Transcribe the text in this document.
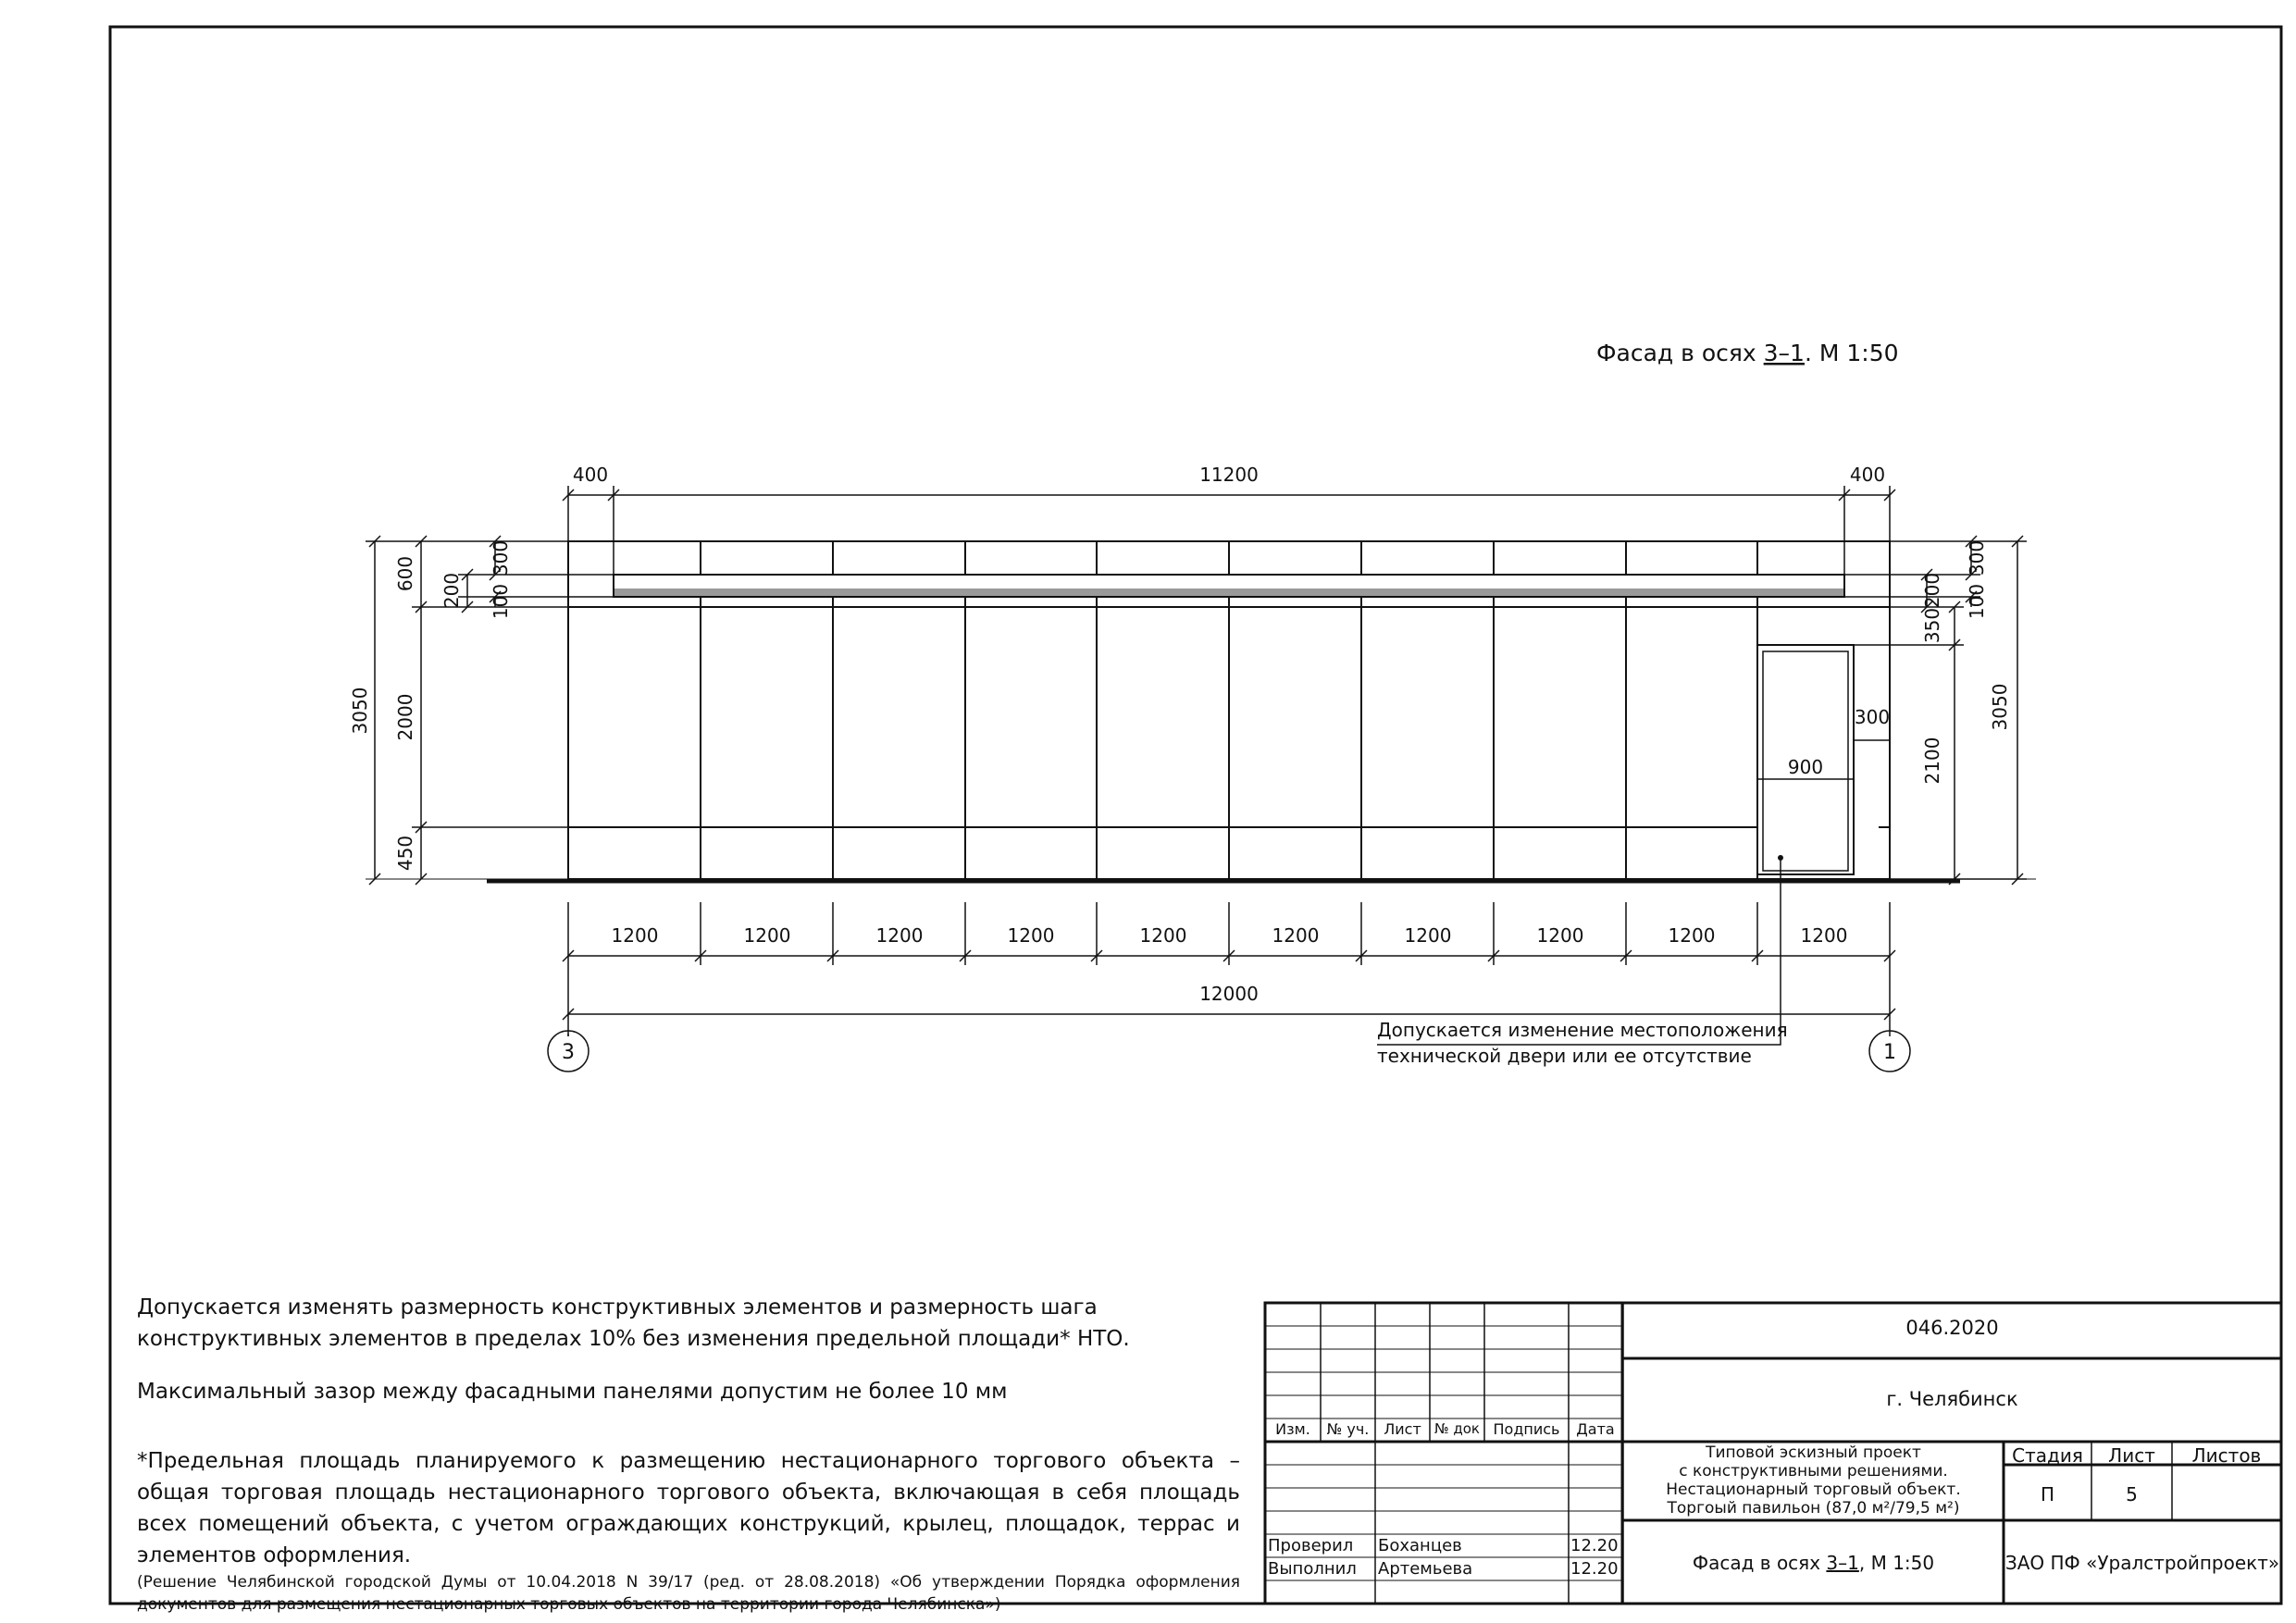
Фасад в осях 3–1. М 1:50
400	11200	400
3050
600 200
300
100
2000
450
300
200 100
350
2100
3050
900
300
1200	1200	1200	1200	1200	1200	1200	1200	1200	1200
12000
3	1
Допускается изменение местоположения
технической двери или ее отсутствие

Допускается изменять размерность конструктивных элементов и размерность шага конструктивных элементов в пределах 10% без изменения предельной площади* НТО.

Максимальный зазор между фасадными панелями допустим не более 10 мм

*Предельная площадь планируемого к размещению нестационарного торгового объекта – общая торговая площадь нестационарного торгового объекта, включающая в себя площадь всех помещений объекта, с учетом ограждающих конструкций, крылец, площадок, террас и элементов оформления.

(Решение Челябинской городской Думы от 10.04.2018 N 39/17 (ред. от 28.08.2018) «Об утверждении Порядка оформления документов для размещения нестационарных торговых объектов на территории города Челябинска»)

046.2020
г. Челябинск
Изм.	№ уч. Лист № док Подпись	Дата
Проверил Боханцев	12.20
Выполнил Артемьева	12.20
Типовой эскизный проект
с конструктивными решениями.
Нестационарный торговый объект.
Торгоый павильон (87,0 м²/79,5 м²)
Стадия	Лист	Листов
П	5
Фасад в осях 3–1, М 1:50	ЗАО ПФ «Уралстройпроект»
